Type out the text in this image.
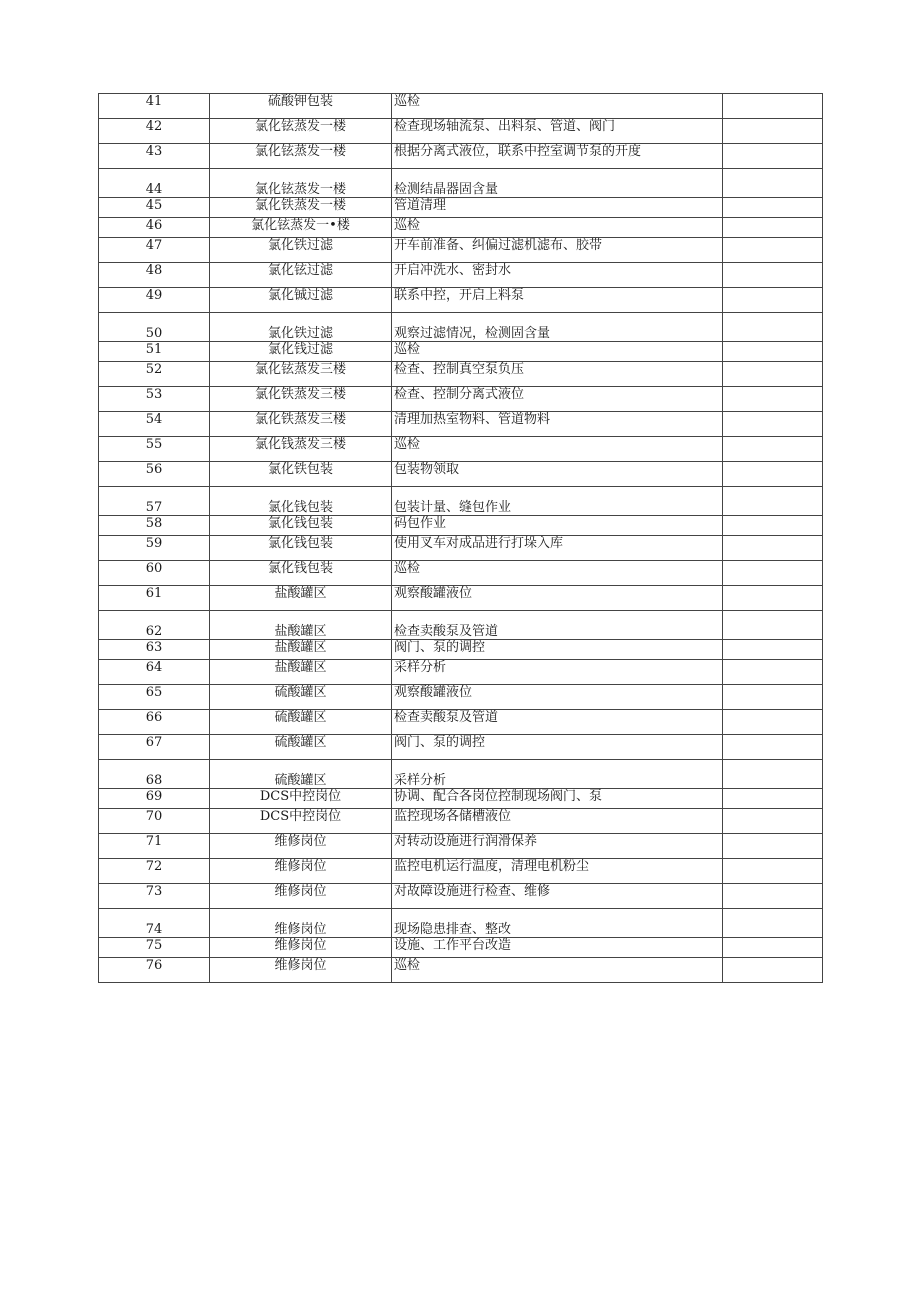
41	硫酸钾包装	巡检	
42	氯化铉蒸发一楼	检查现场轴流泵、出料泵、管道、阀门	
43	氯化铉蒸发一楼	根据分离式液位，联系中控室调节泵的开度	
44	氯化铉蒸发一楼	检测结晶器固含量	
45	氯化铁蒸发一楼	管道清理	
46	氯化铉蒸发一•楼	巡检	
47	氯化铁过滤	开车前准备、纠偏过滤机滤布、胶带	
48	氯化铉过滤	开启冲洗水、密封水	
49	氯化铖过滤	联系中控，开启上料泵	
50	氯化铁过滤	观察过滤情况，检测固含量	
51	氯化钱过滤	巡检	
52	氯化铉蒸发三楼	检查、控制真空泵负压	
53	氯化铁蒸发三楼	检查、控制分离式液位	
54	氯化铁蒸发三楼	清理加热室物料、管道物料	
55	氯化钱蒸发三楼	巡检	
56	氯化铁包装	包装物领取	
57	氯化钱包装	包装计量、缝包作业	
58	氯化钱包装	码包作业	
59	氯化钱包装	使用叉车对成品进行打垛入库	
60	氯化钱包装	巡检	
61	盐酸罐区	观察酸罐液位	
62	盐酸罐区	检查卖酸泵及管道	
63	盐酸罐区	阀门、泵的调控	
64	盐酸罐区	采样分析	
65	硫酸罐区	观察酸罐液位	
66	硫酸罐区	检查卖酸泵及管道	
67	硫酸罐区	阀门、泵的调控	
68	硫酸罐区	采样分析	
69	DCS中控岗位	协调、配合各岗位控制现场阀门、泵	
70	DCS中控岗位	监控现场各储槽液位	
71	维修岗位	对转动设施进行润滑保养	
72	维修岗位	监控电机运行温度，清理电机粉尘	
73	维修岗位	对故障设施进行检查、维修	
74	维修岗位	现场隐患排查、整改	
75	维修岗位	设施、工作平台改造	
76	维修岗位	巡检	
